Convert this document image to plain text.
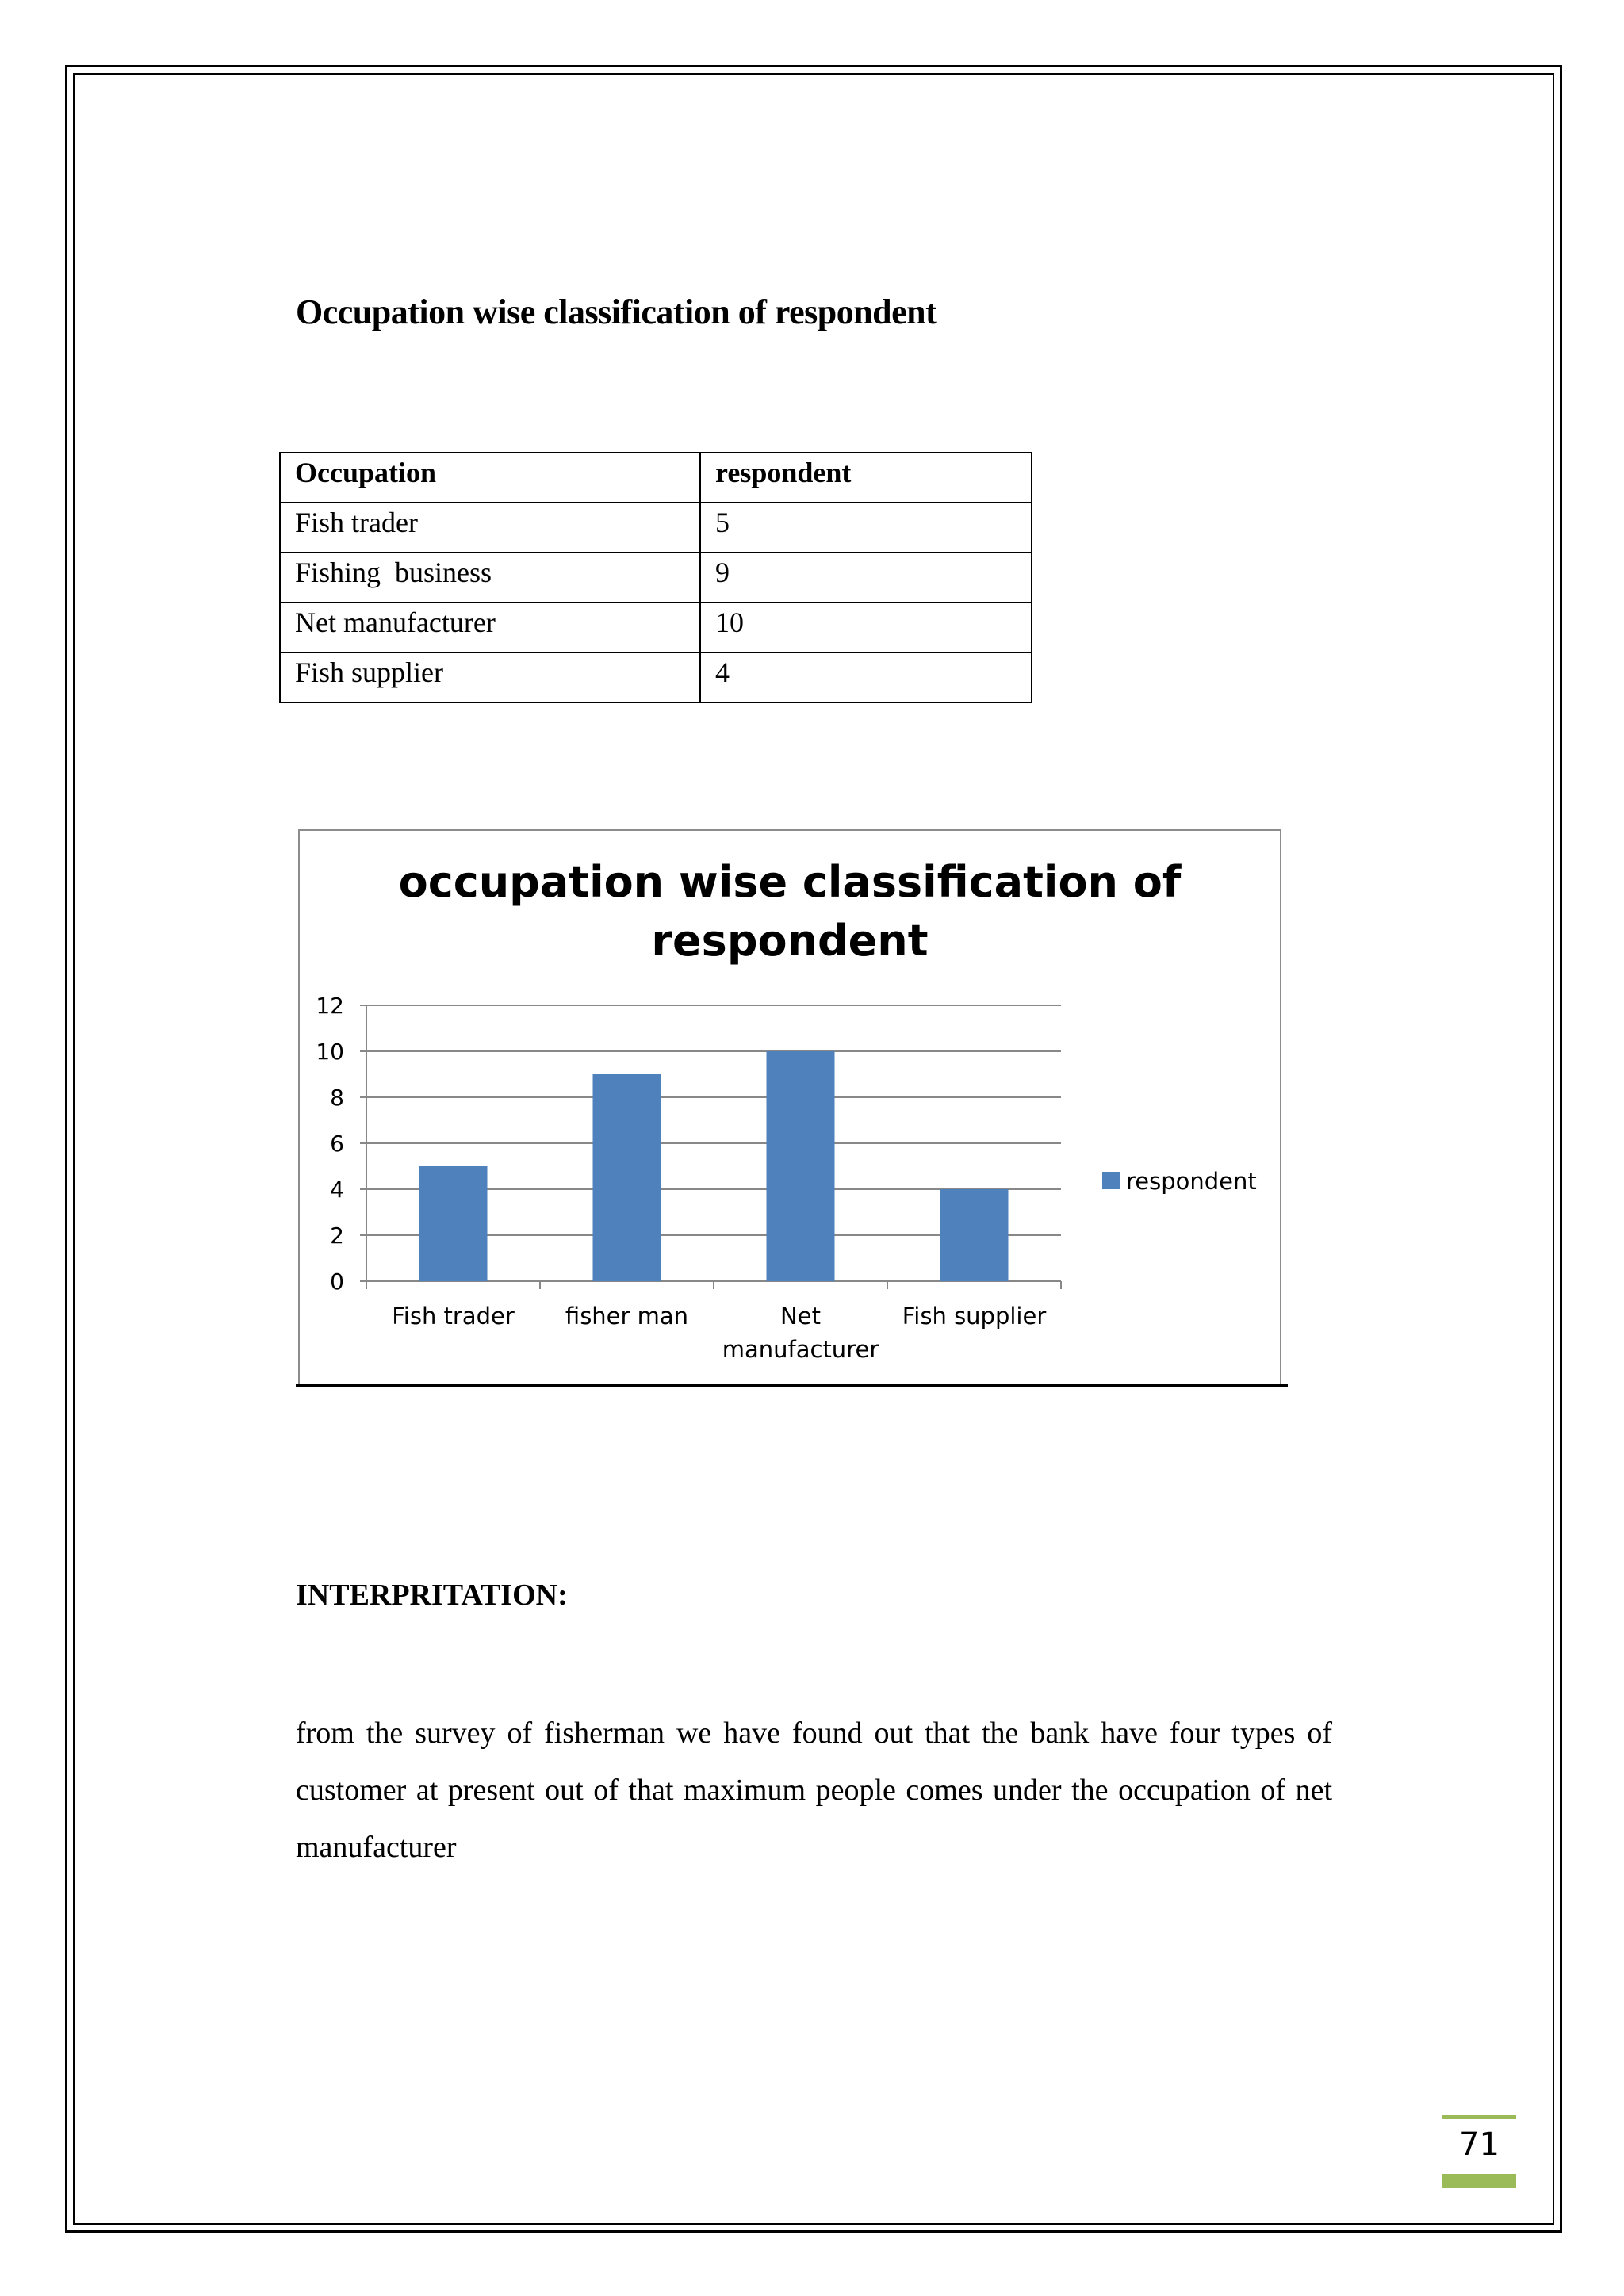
Occupation wise classification of respondent
Occupation	respondent
Fish trader	5
Fishing  business	9
Net manufacturer	10
Fish supplier	4
occupation wise classification of
respondent
0
2
4
6
8
10
12
Fish trader fisher man	Net
manufacturer
Fish supplier
respondent
INTERPRITATION:
from the survey of fisherman we have found out that the bank have four types of customer at present out of that maximum people comes under the occupation of net manufacturer
71
